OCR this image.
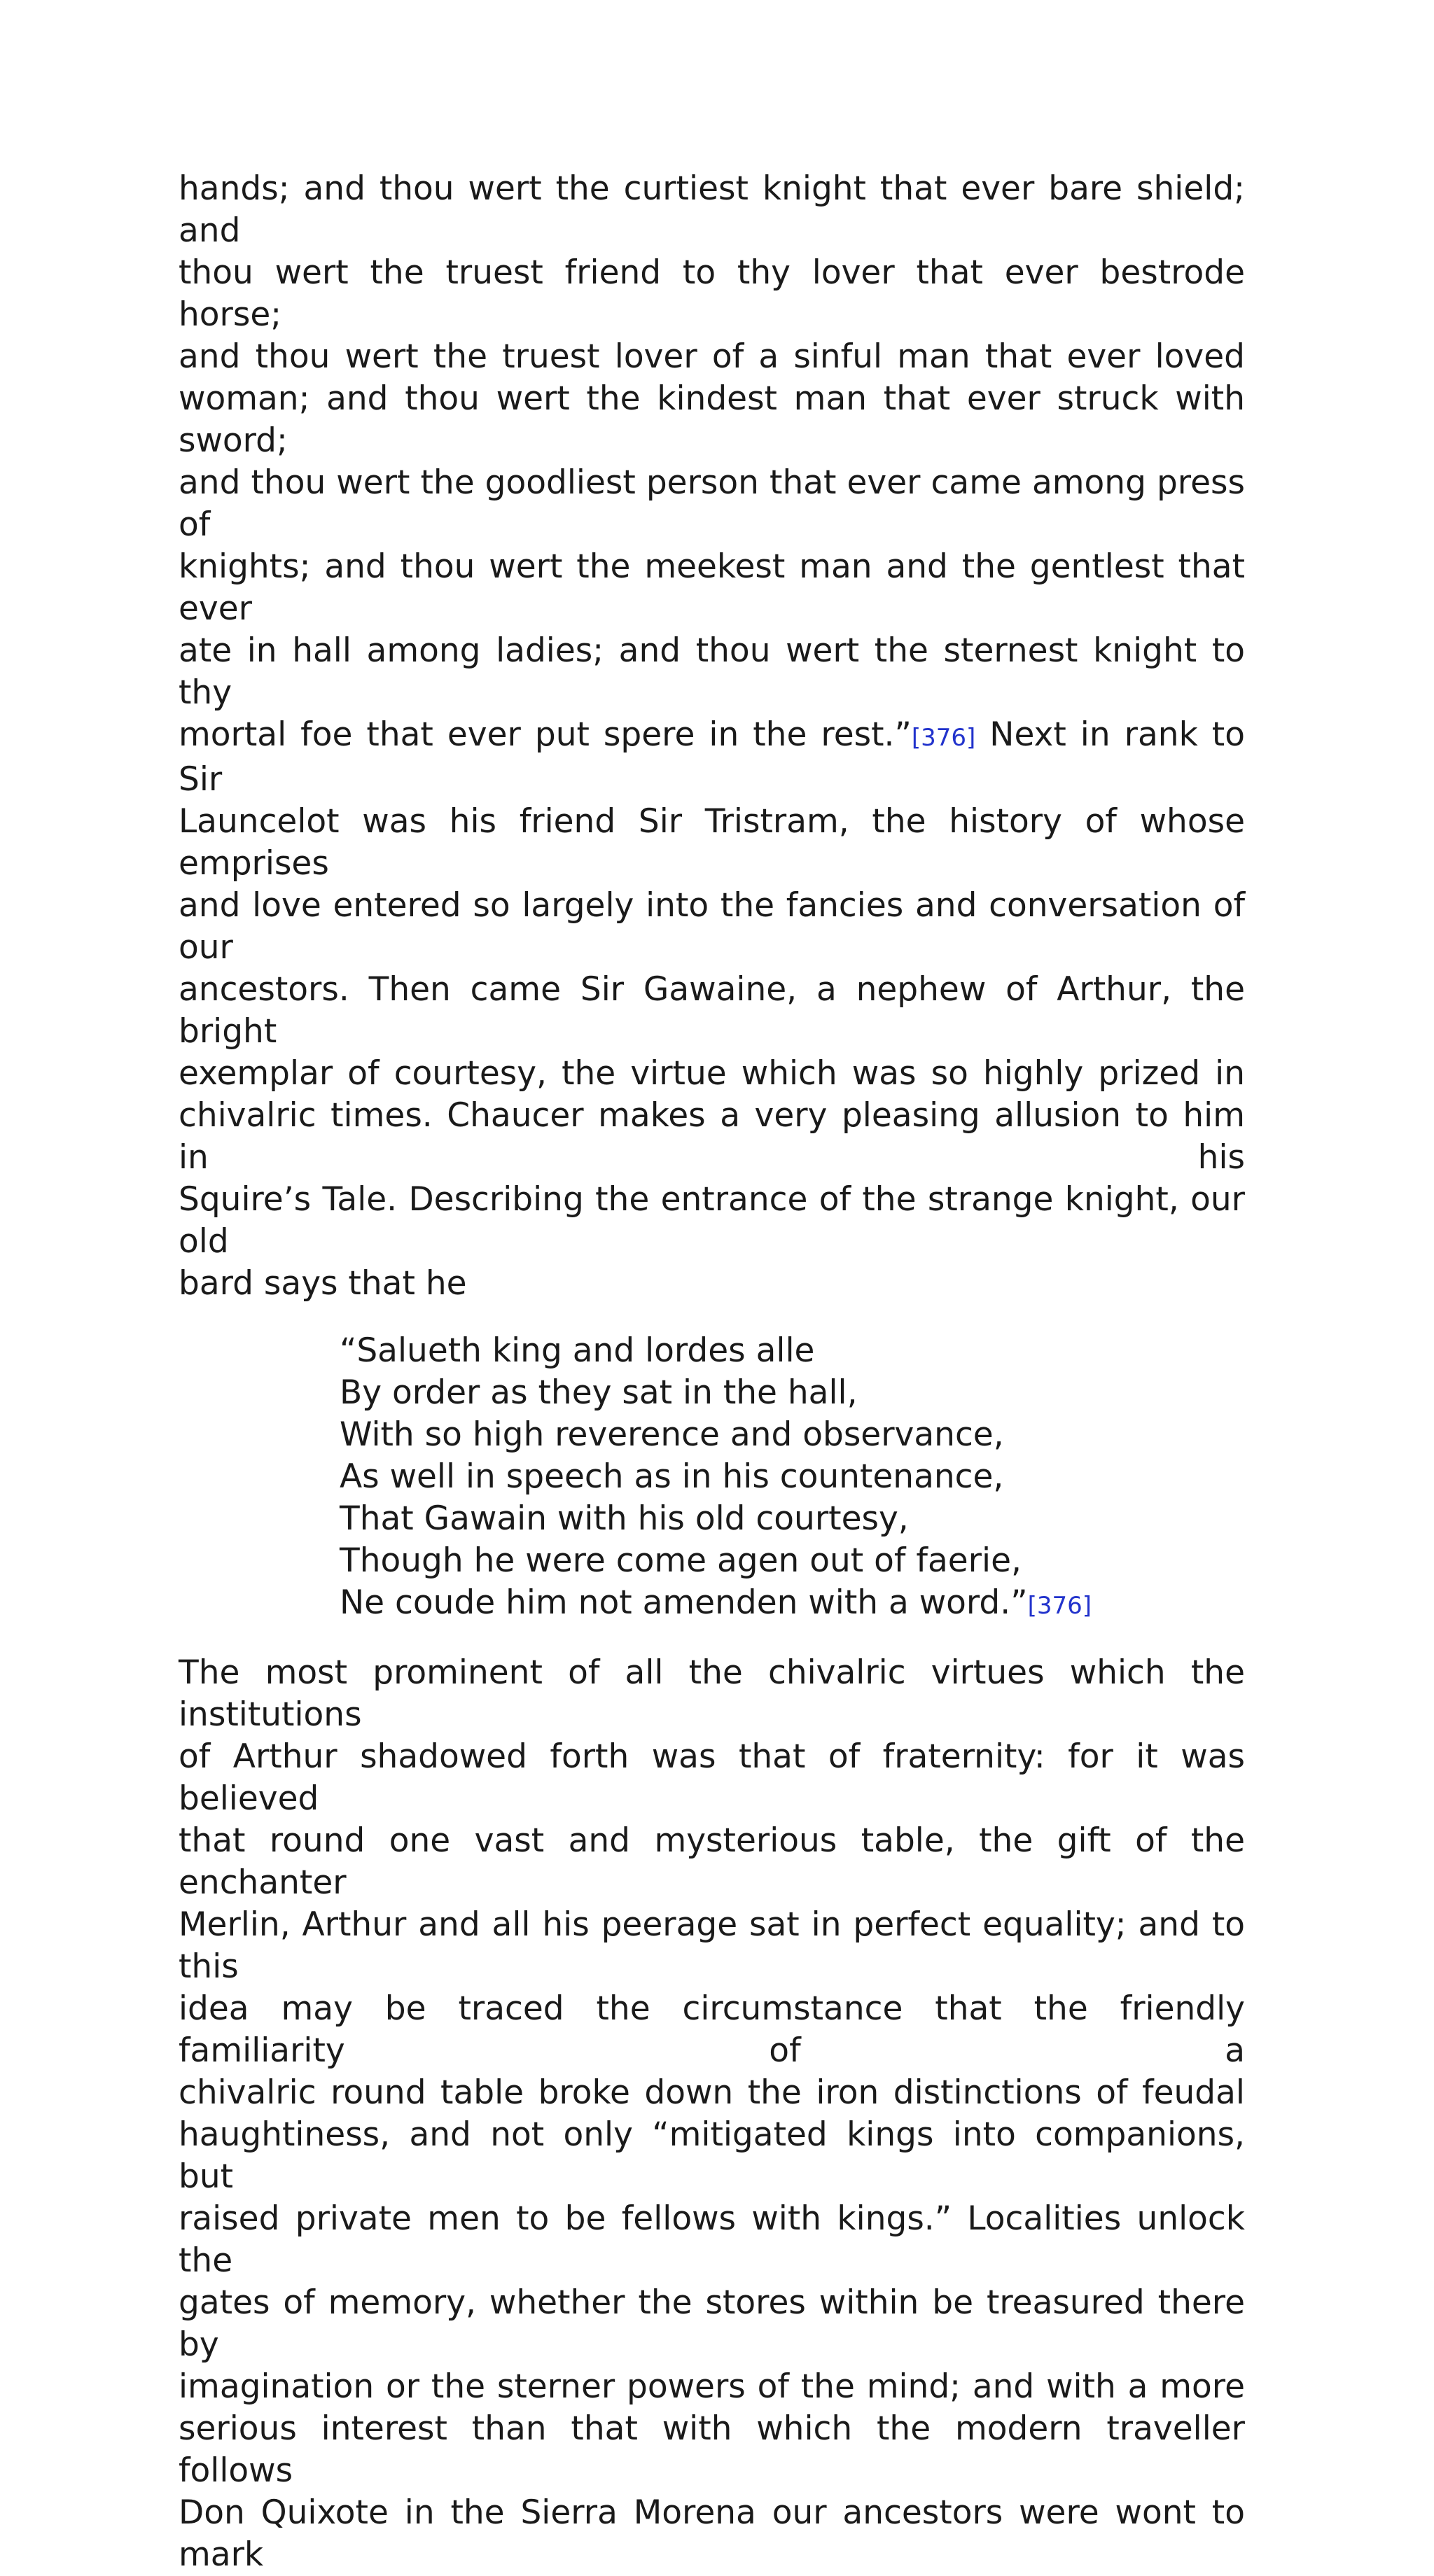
hands; and thou wert the curtiest knight that ever bare shield; and
thou wert the truest friend to thy lover that ever bestrode horse;
and thou wert the truest lover of a sinful man that ever loved
woman; and thou wert the kindest man that ever struck with sword;
and thou wert the goodliest person that ever came among press of
knights; and thou wert the meekest man and the gentlest that ever
ate in hall among ladies; and thou wert the sternest knight to thy
mortal foe that ever put spere in the rest.”[376] Next in rank to Sir
Launcelot was his friend Sir Tristram, the history of whose emprises
and love entered so largely into the fancies and conversation of our
ancestors. Then came Sir Gawaine, a nephew of Arthur, the bright
exemplar of courtesy, the virtue which was so highly prized in
chivalric times. Chaucer makes a very pleasing allusion to him in his
Squire’s Tale. Describing the entrance of the strange knight, our old
bard says that he

“Salueth king and lordes alle
By order as they sat in the hall,
With so high reverence and observance,
As well in speech as in his countenance,
That Gawain with his old courtesy,
Though he were come agen out of faerie,
Ne coude him not amenden with a word.”[376]

The most prominent of all the chivalric virtues which the institutions
of Arthur shadowed forth was that of fraternity: for it was believed
that round one vast and mysterious table, the gift of the enchanter
Merlin, Arthur and all his peerage sat in perfect equality; and to this
idea may be traced the circumstance that the friendly familiarity of a
chivalric round table broke down the iron distinctions of feudal
haughtiness, and not only “mitigated kings into companions, but
raised private men to be fellows with kings.” Localities unlock the
gates of memory, whether the stores within be treasured there by
imagination or the sterner powers of the mind; and with a more
serious interest than that with which the modern traveller follows
Don Quixote in the Sierra Morena our ancestors were wont to mark
